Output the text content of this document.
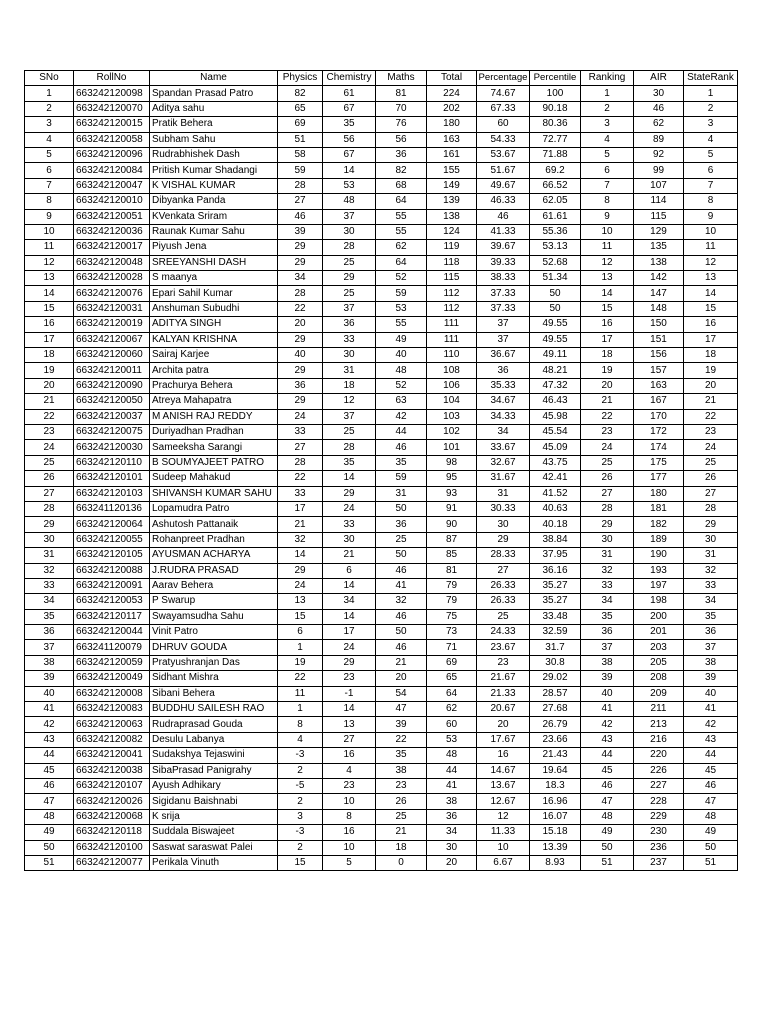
SNo	RollNo	Name	Physics	Chemistry	Maths	Total	Percentage	Percentile	Ranking	AIR	StateRank
1	663242120098	Spandan Prasad Patro	82	61	81	224	74.67	100	1	30	1
2	663242120070	Aditya sahu	65	67	70	202	67.33	90.18	2	46	2
3	663242120015	Pratik Behera	69	35	76	180	60	80.36	3	62	3
4	663242120058	Subham Sahu	51	56	56	163	54.33	72.77	4	89	4
5	663242120096	Rudrabhishek Dash	58	67	36	161	53.67	71.88	5	92	5
6	663242120084	Pritish Kumar Shadangi	59	14	82	155	51.67	69.2	6	99	6
7	663242120047	K VISHAL KUMAR	28	53	68	149	49.67	66.52	7	107	7
8	663242120010	Dibyanka Panda	27	48	64	139	46.33	62.05	8	114	8
9	663242120051	KVenkata Sriram	46	37	55	138	46	61.61	9	115	9
10	663242120036	Raunak Kumar Sahu	39	30	55	124	41.33	55.36	10	129	10
11	663242120017	Piyush Jena	29	28	62	119	39.67	53.13	11	135	11
12	663242120048	SREEYANSHI DASH	29	25	64	118	39.33	52.68	12	138	12
13	663242120028	S maanya	34	29	52	115	38.33	51.34	13	142	13
14	663242120076	Epari Sahil Kumar	28	25	59	112	37.33	50	14	147	14
15	663242120031	Anshuman Subudhi	22	37	53	112	37.33	50	15	148	15
16	663242120019	ADITYA SINGH	20	36	55	111	37	49.55	16	150	16
17	663242120067	KALYAN KRISHNA	29	33	49	111	37	49.55	17	151	17
18	663242120060	Sairaj Karjee	40	30	40	110	36.67	49.11	18	156	18
19	663242120011	Archita patra	29	31	48	108	36	48.21	19	157	19
20	663242120090	Prachurya Behera	36	18	52	106	35.33	47.32	20	163	20
21	663242120050	Atreya Mahapatra	29	12	63	104	34.67	46.43	21	167	21
22	663242120037	M ANISH RAJ REDDY	24	37	42	103	34.33	45.98	22	170	22
23	663242120075	Duriyadhan Pradhan	33	25	44	102	34	45.54	23	172	23
24	663242120030	Sameeksha Sarangi	27	28	46	101	33.67	45.09	24	174	24
25	663242120110	B SOUMYAJEET PATRO	28	35	35	98	32.67	43.75	25	175	25
26	663242120101	Sudeep Mahakud	22	14	59	95	31.67	42.41	26	177	26
27	663242120103	SHIVANSH KUMAR SAHU	33	29	31	93	31	41.52	27	180	27
28	663241120136	Lopamudra Patro	17	24	50	91	30.33	40.63	28	181	28
29	663242120064	Ashutosh Pattanaik	21	33	36	90	30	40.18	29	182	29
30	663242120055	Rohanpreet Pradhan	32	30	25	87	29	38.84	30	189	30
31	663242120105	AYUSMAN ACHARYA	14	21	50	85	28.33	37.95	31	190	31
32	663242120088	J.RUDRA PRASAD	29	6	46	81	27	36.16	32	193	32
33	663242120091	Aarav Behera	24	14	41	79	26.33	35.27	33	197	33
34	663242120053	P Swarup	13	34	32	79	26.33	35.27	34	198	34
35	663242120117	Swayamsudha Sahu	15	14	46	75	25	33.48	35	200	35
36	663242120044	Vinit Patro	6	17	50	73	24.33	32.59	36	201	36
37	663241120079	DHRUV GOUDA	1	24	46	71	23.67	31.7	37	203	37
38	663242120059	Pratyushranjan Das	19	29	21	69	23	30.8	38	205	38
39	663242120049	Sidhant Mishra	22	23	20	65	21.67	29.02	39	208	39
40	663242120008	Sibani Behera	11	-1	54	64	21.33	28.57	40	209	40
41	663242120083	BUDDHU SAILESH RAO	1	14	47	62	20.67	27.68	41	211	41
42	663242120063	Rudraprasad Gouda	8	13	39	60	20	26.79	42	213	42
43	663242120082	Desulu Labanya	4	27	22	53	17.67	23.66	43	216	43
44	663242120041	Sudakshya Tejaswini	-3	16	35	48	16	21.43	44	220	44
45	663242120038	SibaPrasad Panigrahy	2	4	38	44	14.67	19.64	45	226	45
46	663242120107	Ayush Adhikary	-5	23	23	41	13.67	18.3	46	227	46
47	663242120026	Sigidanu Baishnabi	2	10	26	38	12.67	16.96	47	228	47
48	663242120068	K srija	3	8	25	36	12	16.07	48	229	48
49	663242120118	Suddala Biswajeet	-3	16	21	34	11.33	15.18	49	230	49
50	663242120100	Saswat saraswat Palei	2	10	18	30	10	13.39	50	236	50
51	663242120077	Perikala Vinuth	15	5	0	20	6.67	8.93	51	237	51
